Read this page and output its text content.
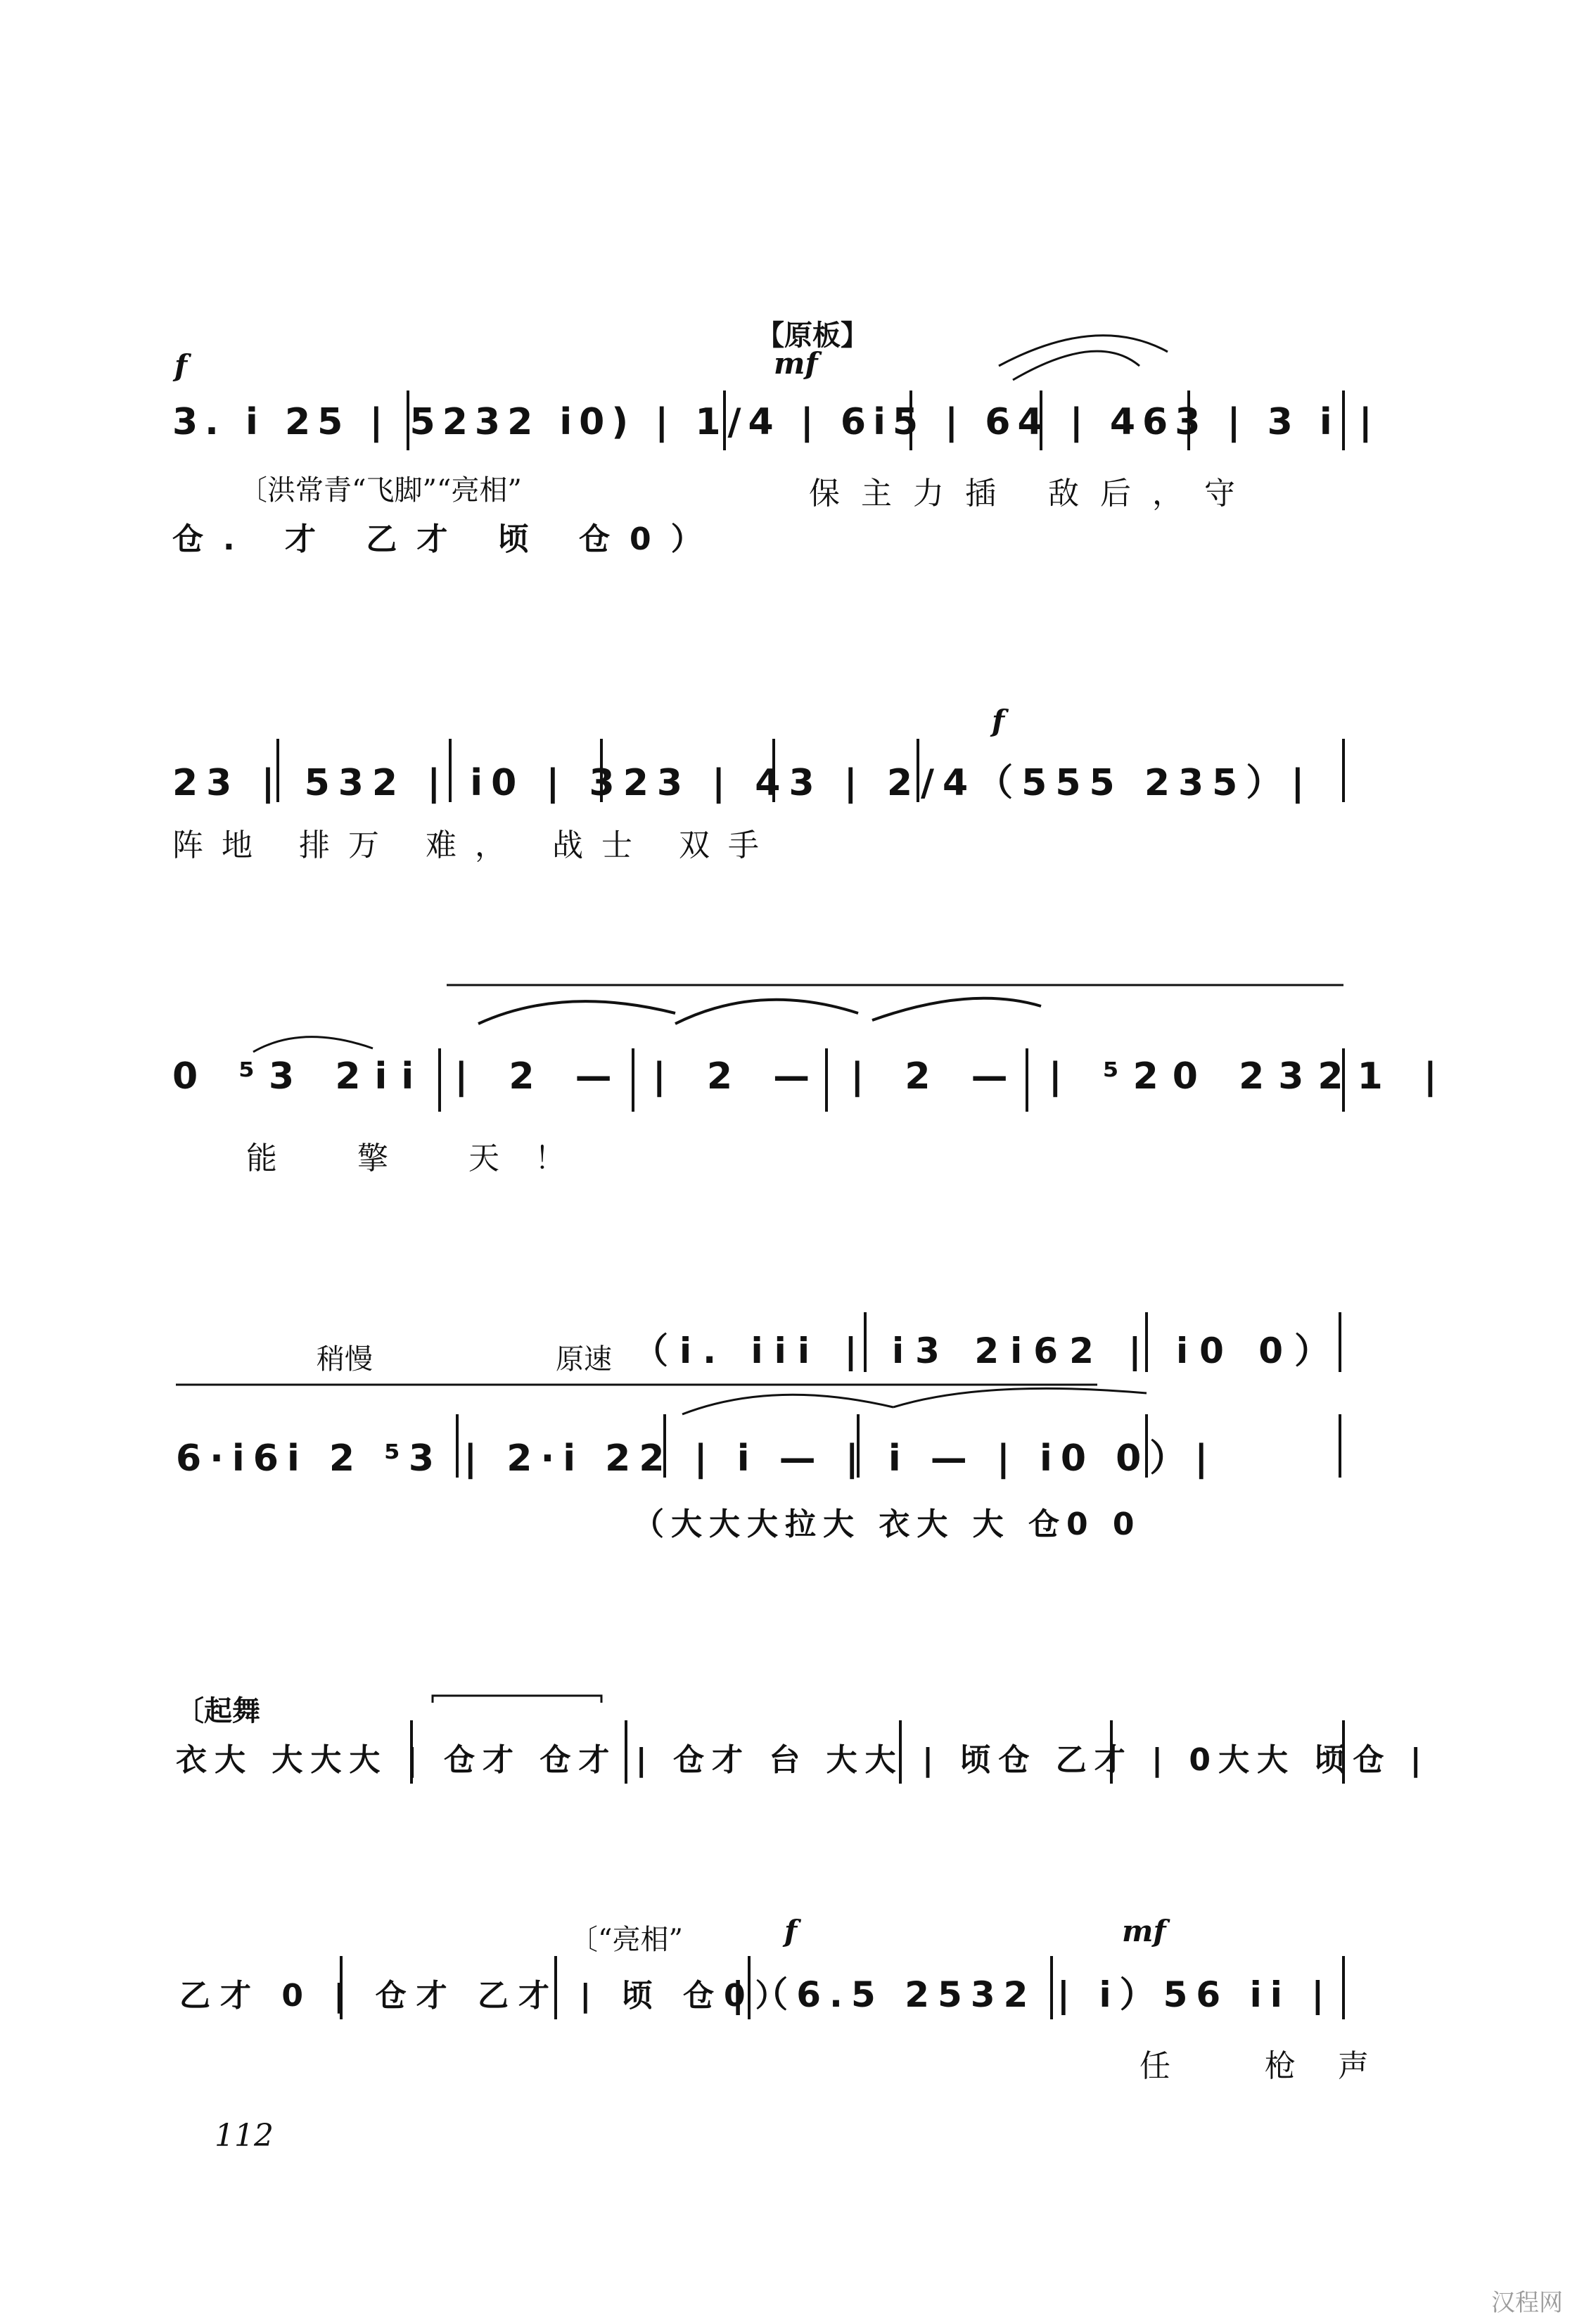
【原板】
f	mf
3. i 25 | 5232 i0) | 1/4 | 6i5 | 64 | 463 | 3 i |
〔洪常青“飞脚”“亮相”	保主力插 敌后，守
仓. 才 乙才 顷 仓0）
f
23 | 532 | i0 | 323 | 43 | 2/4（555 235）|
阵地 排万 难， 战士 双手
0 ⁵3 2ii | 2 — | 2 — | 2 — | ⁵20 2321 |
能 擎 天！
稍慢	原速 （i. iii | i3 2i62 | i0 0）
6·i6i 2 ⁵3 | 2·i 22 | i — | i — | i0 0）|
（大大大拉大 衣大 大 仓0 0
〔起舞
衣大 大大大 | 仓才 仓才 | 仓才 台 大大 | 顷仓 乙才 | 0大大 顷仓 |
〔“亮相”	f	mf
乙才 0 | 仓才 乙才 | 顷 仓0）
|（6.5 2532 | i）56 ii |
任 枪声
112
汉程网
